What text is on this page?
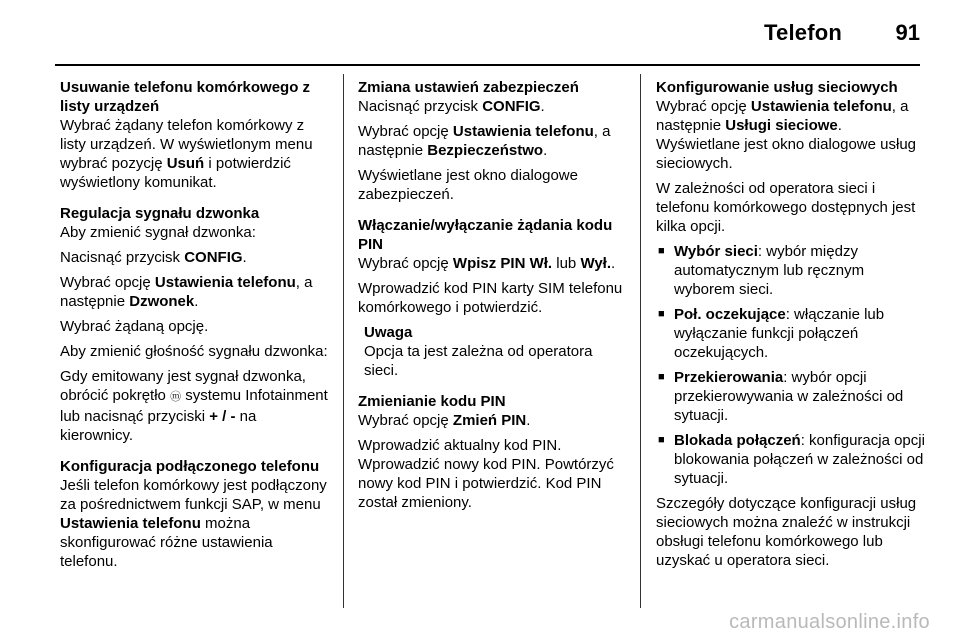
Telefon 91
Usuwanie telefonu komórkowego z listy urządzeń

Wybrać żądany telefon komórkowy z listy urządzeń. W wyświetlonym menu wybrać pozycję Usuń i potwierdzić wyświetlony komunikat.

Regulacja sygnału dzwonka

Aby zmienić sygnał dzwonka:

Nacisnąć przycisk CONFIG.

Wybrać opcję Ustawienia telefonu, a następnie Dzwonek.

Wybrać żądaną opcję.

Aby zmienić głośność sygnału dzwonka:

Gdy emitowany jest sygnał dzwonka, obrócić pokrętło ⓜ systemu Infotainment lub nacisnąć przyciski + / - na kierownicy.

Konfiguracja podłączonego telefonu

Jeśli telefon komórkowy jest podłączony za pośrednictwem funkcji SAP, w menu Ustawienia telefonu można skonfigurować różne ustawienia telefonu.

Zmiana ustawień zabezpieczeń

Nacisnąć przycisk CONFIG.

Wybrać opcję Ustawienia telefonu, a następnie Bezpieczeństwo.

Wyświetlane jest okno dialogowe zabezpieczeń.

Włączanie/wyłączanie żądania kodu PIN

Wybrać opcję Wpisz PIN Wł. lub Wył..

Wprowadzić kod PIN karty SIM telefonu komórkowego i potwierdzić.

Uwaga
Opcja ta jest zależna od operatora sieci.
Zmienianie kodu PIN

Wybrać opcję Zmień PIN.

Wprowadzić aktualny kod PIN. Wprowadzić nowy kod PIN. Powtórzyć nowy kod PIN i potwierdzić. Kod PIN został zmieniony.

Konfigurowanie usług sieciowych

Wybrać opcję Ustawienia telefonu, a następnie Usługi sieciowe. Wyświetlane jest okno dialogowe usług sieciowych.

W zależności od operatora sieci i telefonu komórkowego dostępnych jest kilka opcji.

■ Wybór sieci: wybór między automatycznym lub ręcznym wyborem sieci.
■ Poł. oczekujące: włączanie lub wyłączanie funkcji połączeń oczekujących.
■ Przekierowania: wybór opcji przekierowywania w zależności od sytuacji.
■ Blokada połączeń: konfiguracja opcji blokowania połączeń w zależności od sytuacji.

Szczegóły dotyczące konfiguracji usług sieciowych można znaleźć w instrukcji obsługi telefonu komórkowego lub uzyskać u operatora sieci.

carmanualsonline.info
